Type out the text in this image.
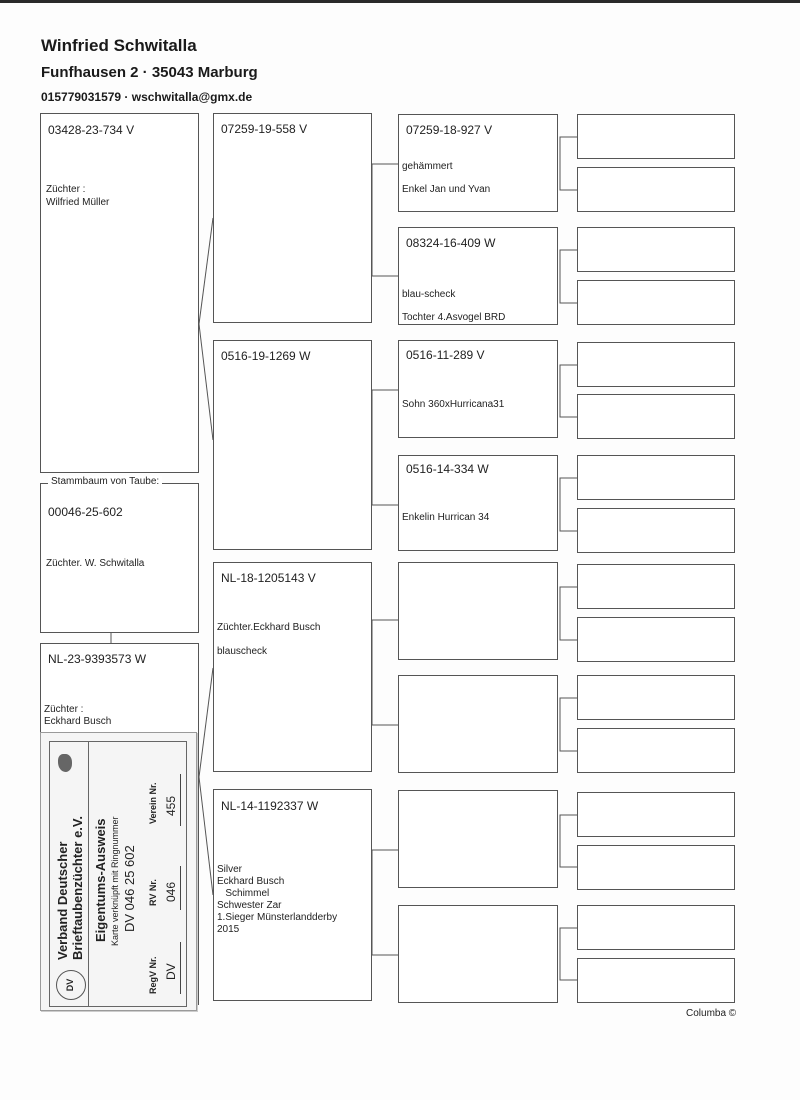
Winfried Schwitalla
Funfhausen 2 · 35043 Marburg
015779031579 · wschwitalla@gmx.de
03428-23-734 V
Züchter :
Wilfried Müller
00046-25-602
Züchter. W. Schwitalla
Stammbaum von Taube:
NL-23-9393573 W
Züchter :
Eckhard Busch
07259-19-558 V
0516-19-1269 W
NL-18-1205143 V
Züchter.Eckhard Busch
blauscheck
NL-14-1192337 W
Silver
Eckhard Busch
Schimmel
Schwester Zar
1.Sieger Münsterlandderby
2015
07259-18-927 V
gehämmert
Enkel Jan und Yvan
08324-16-409 W
blau-scheck
Tochter 4.Asvogel BRD
0516-11-289 V
Sohn 360xHurricana31
0516-14-334 W
Enkelin Hurrican 34
DV
Verband Deutscher Brieftaubenzüchter e.V. Eigentums-Ausweis Karte verknüpft mit Ringnummer DV 046 25 602
RegV Nr. DV
RV Nr. 046
Verein Nr. 455
Columba ©
